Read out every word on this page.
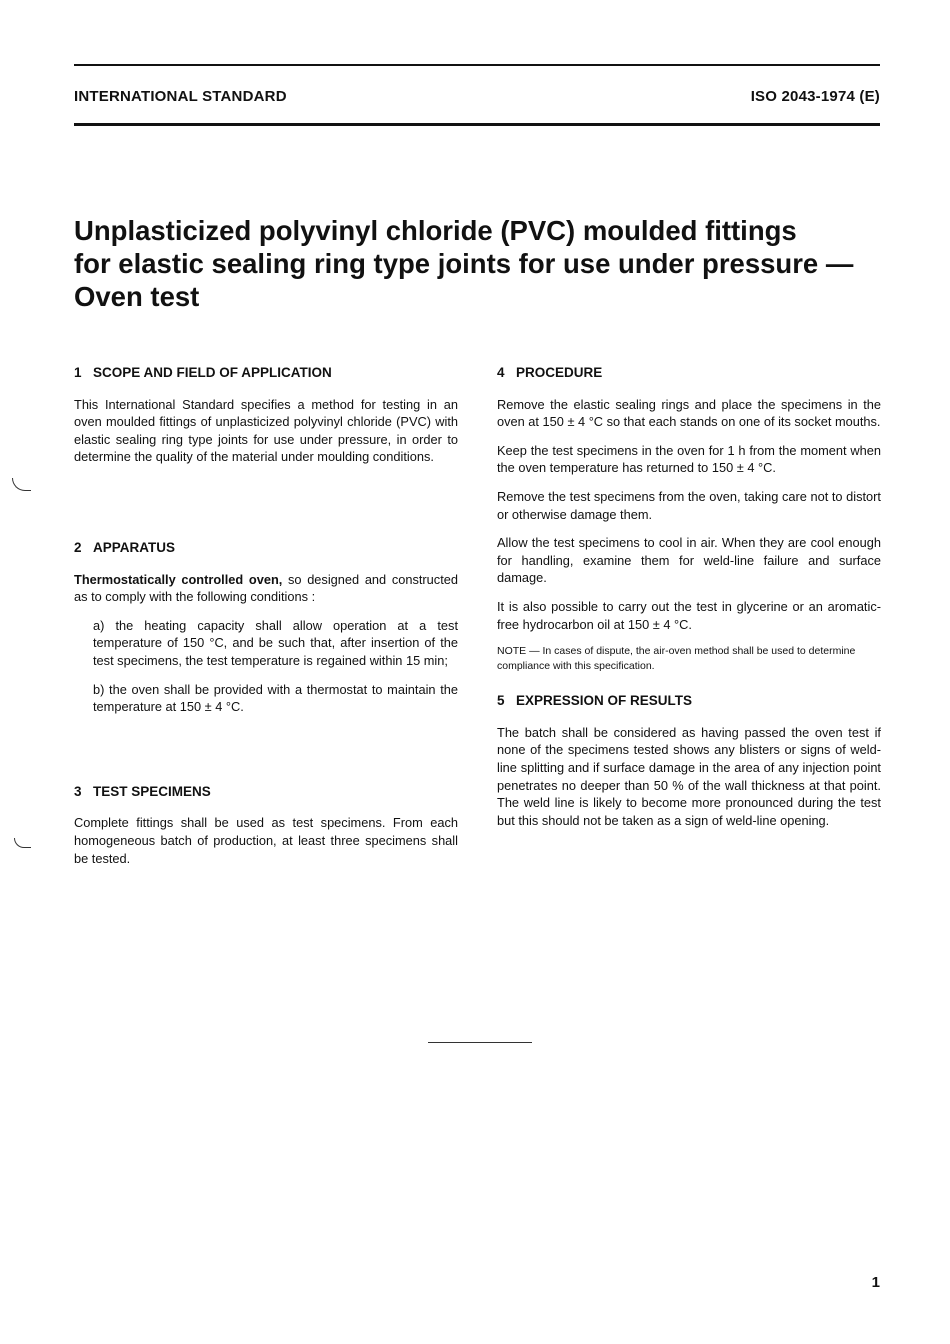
INTERNATIONAL STANDARD	ISO 2043-1974 (E)
Unplasticized polyvinyl chloride (PVC) moulded fittings
for elastic sealing ring type joints for use under pressure —
Oven test
1 SCOPE AND FIELD OF APPLICATION

This International Standard specifies a method for testing in an oven moulded fittings of unplasticized polyvinyl chloride (PVC) with elastic sealing ring type joints for use under pressure, in order to determine the quality of the material under moulding conditions.

2 APPARATUS

Thermostatically controlled oven, so designed and constructed as to comply with the following conditions :

a) the heating capacity shall allow operation at a test temperature of 150 °C, and be such that, after insertion of the test specimens, the test temperature is regained within 15 min;

b) the oven shall be provided with a thermostat to maintain the temperature at 150 ± 4 °C.

3 TEST SPECIMENS

Complete fittings shall be used as test specimens. From each homogeneous batch of production, at least three specimens shall be tested.

4 PROCEDURE

Remove the elastic sealing rings and place the specimens in the oven at 150 ± 4 °C so that each stands on one of its socket mouths.

Keep the test specimens in the oven for 1 h from the moment when the oven temperature has returned to 150 ± 4 °C.

Remove the test specimens from the oven, taking care not to distort or otherwise damage them.

Allow the test specimens to cool in air. When they are cool enough for handling, examine them for weld-line failure and surface damage.

It is also possible to carry out the test in glycerine or an aromatic-free hydrocarbon oil at 150 ± 4 °C.

NOTE — In cases of dispute, the air-oven method shall be used to determine compliance with this specification.

5 EXPRESSION OF RESULTS

The batch shall be considered as having passed the oven test if none of the specimens tested shows any blisters or signs of weld-line splitting and if surface damage in the area of any injection point penetrates no deeper than 50 % of the wall thickness at that point. The weld line is likely to become more pronounced during the test but this should not be taken as a sign of weld-line opening.

1
